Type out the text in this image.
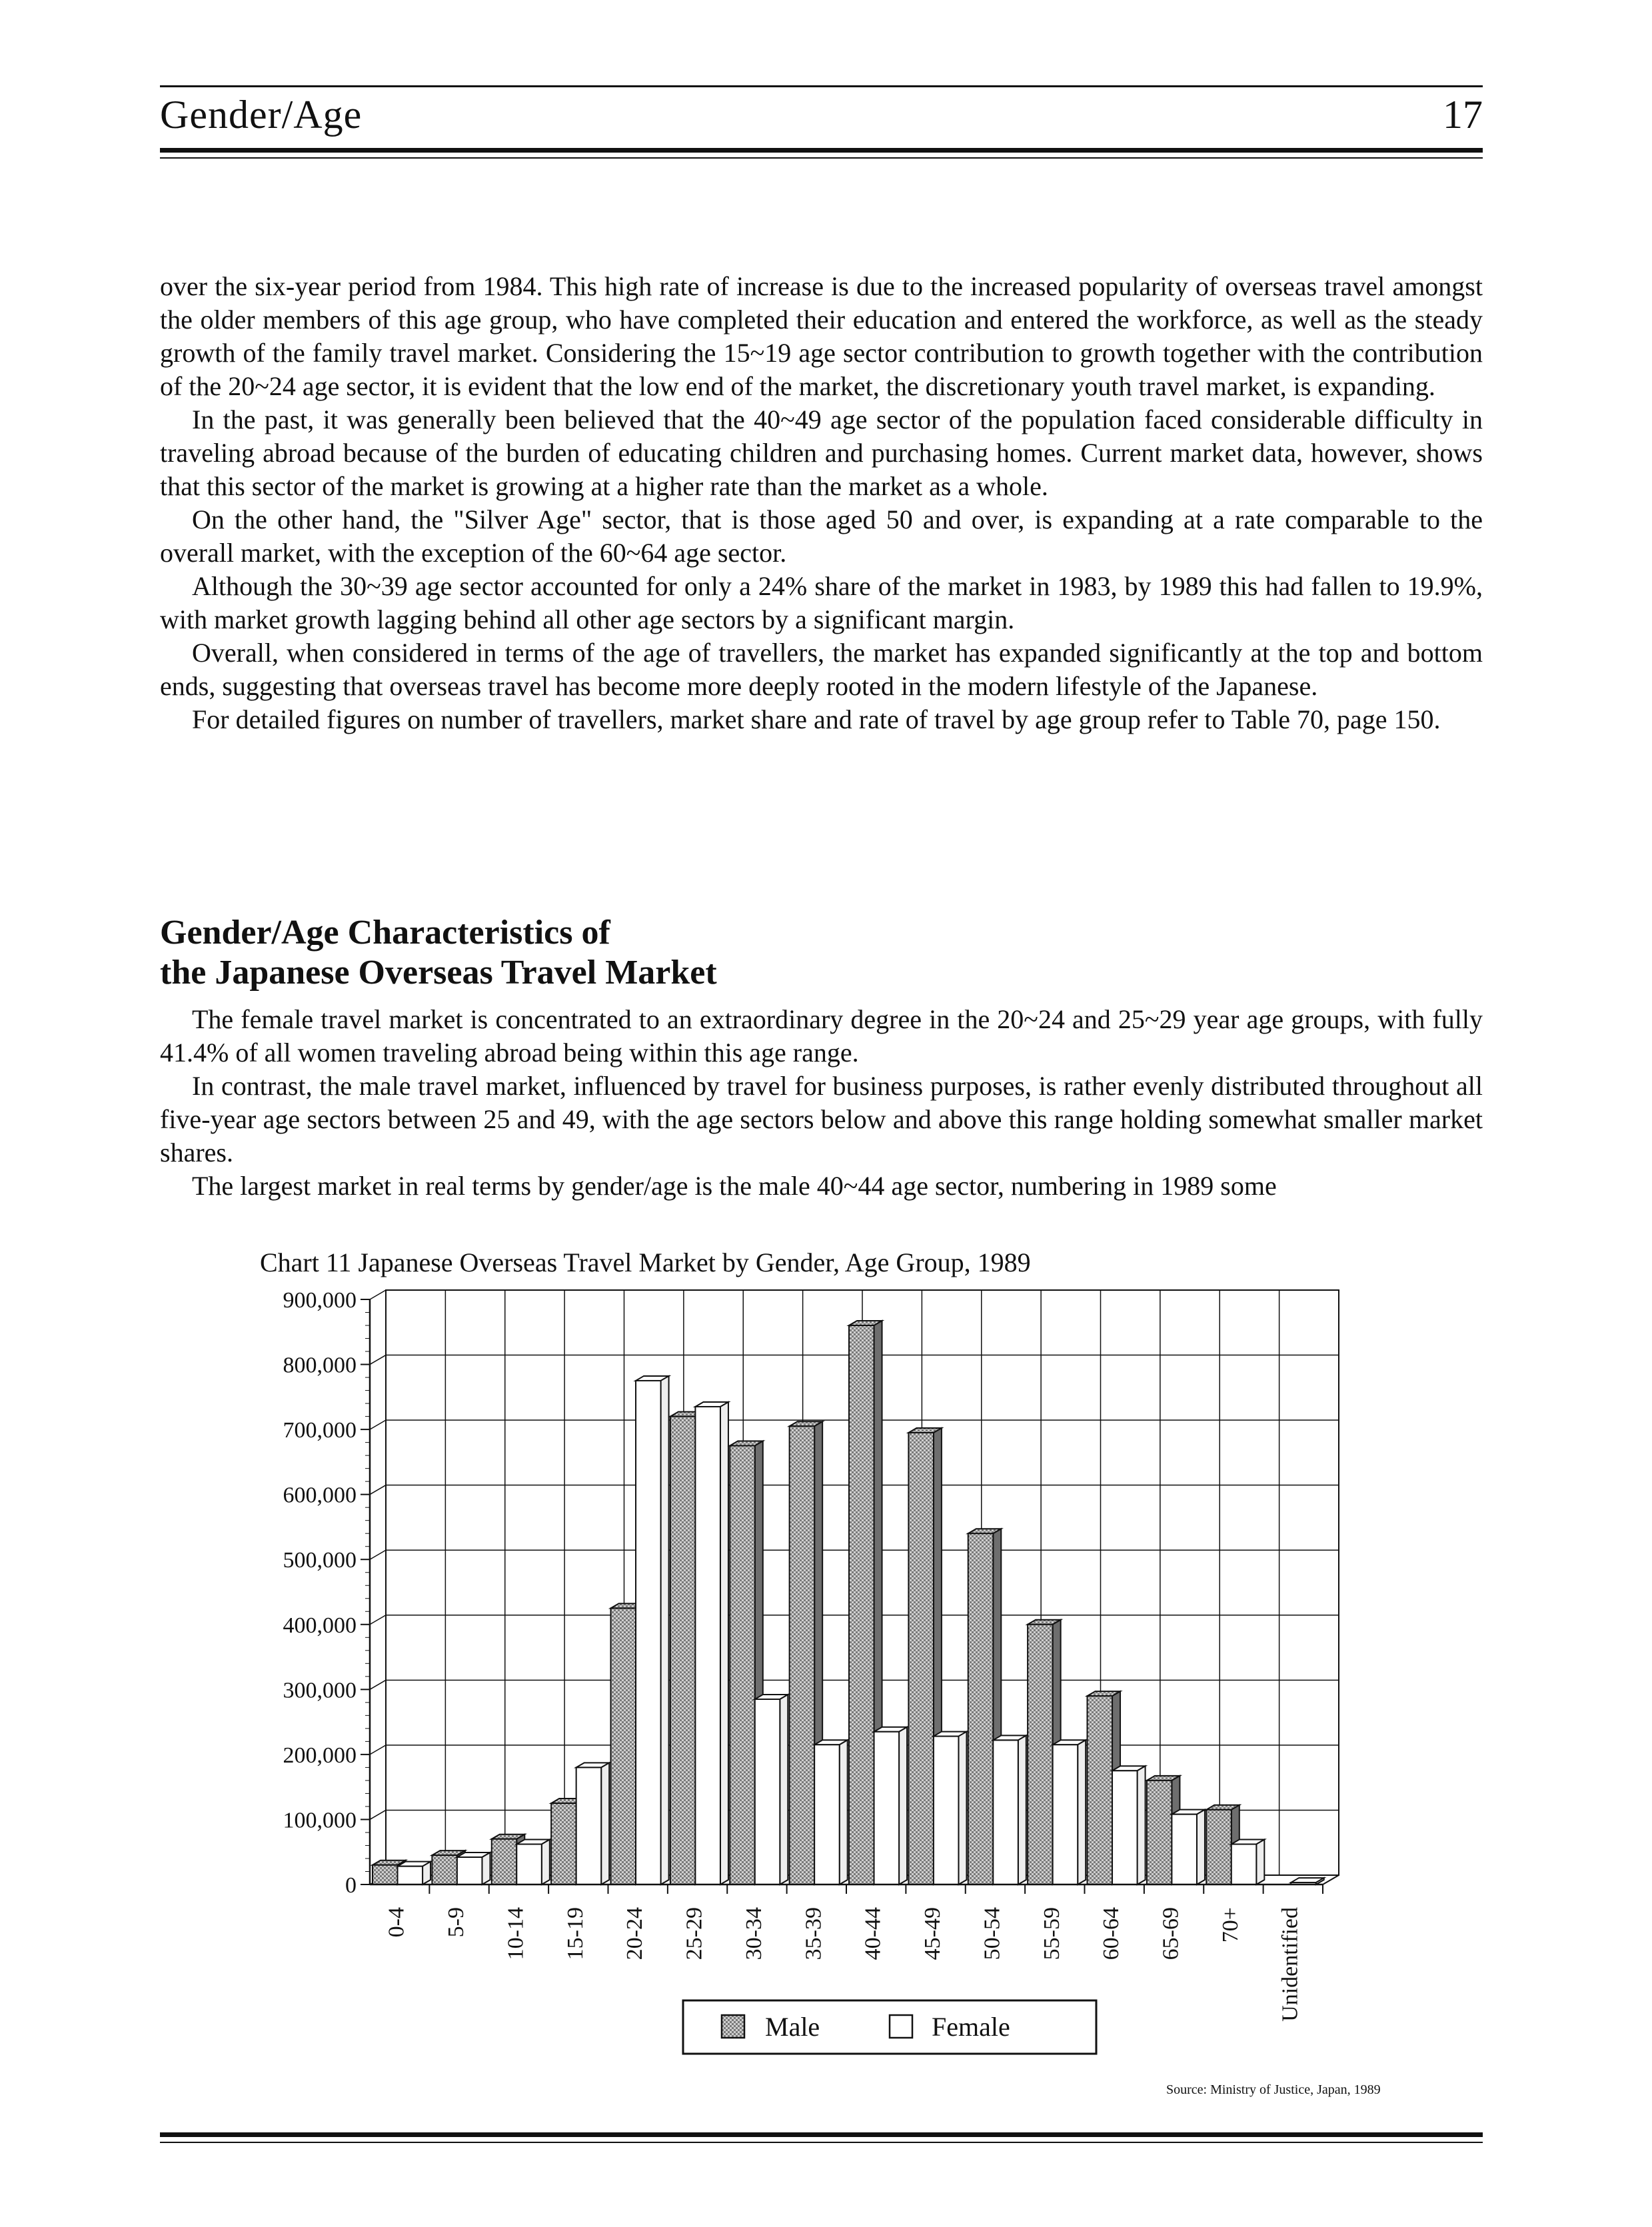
Gender/Age	17

over the six-year period from 1984. This high rate of increase is due to the increased popularity of overseas travel amongst the older members of this age group, who have completed their education and entered the workforce, as well as the steady growth of the family travel market. Considering the 15~19 age sector contribution to growth together with the contribution of the 20~24 age sector, it is evident that the low end of the market, the discretionary youth travel market, is expanding.

In the past, it was generally been believed that the 40~49 age sector of the population faced considerable difficulty in traveling abroad because of the burden of educating children and purchasing homes. Current market data, however, shows that this sector of the market is growing at a higher rate than the market as a whole.

On the other hand, the "Silver Age" sector, that is those aged 50 and over, is expanding at a rate comparable to the overall market, with the exception of the 60~64 age sector.

Although the 30~39 age sector accounted for only a 24% share of the market in 1983, by 1989 this had fallen to 19.9%, with market growth lagging behind all other age sectors by a significant margin.

Overall, when considered in terms of the age of travellers, the market has expanded significantly at the top and bottom ends, suggesting that overseas travel has become more deeply rooted in the modern lifestyle of the Japanese.

For detailed figures on number of travellers, market share and rate of travel by age group refer to Table 70, page 150.

Gender/Age Characteristics of
the Japanese Overseas Travel Market

The female travel market is concentrated to an extraordinary degree in the 20~24 and 25~29 year age groups, with fully 41.4% of all women traveling abroad being within this age range.

In contrast, the male travel market, influenced by travel for business purposes, is rather evenly distributed throughout all five-year age sectors between 25 and 49, with the age sectors below and above this range holding somewhat smaller market shares.

The largest market in real terms by gender/age is the male 40~44 age sector, numbering in 1989 some

Chart 11 Japanese Overseas Travel Market by Gender, Age Group, 1989
0
100,000
200,000
300,000
400,000
500,000
600,000
700,000
800,000
900,000
0-4 5-9 10-14 15-19 20-24 25-29 30-34 35-39 40-44 45-49 50-54 55-59 60-64 65-69 70+ Unidentified
Male	Female
Source: Ministry of Justice, Japan, 1989
